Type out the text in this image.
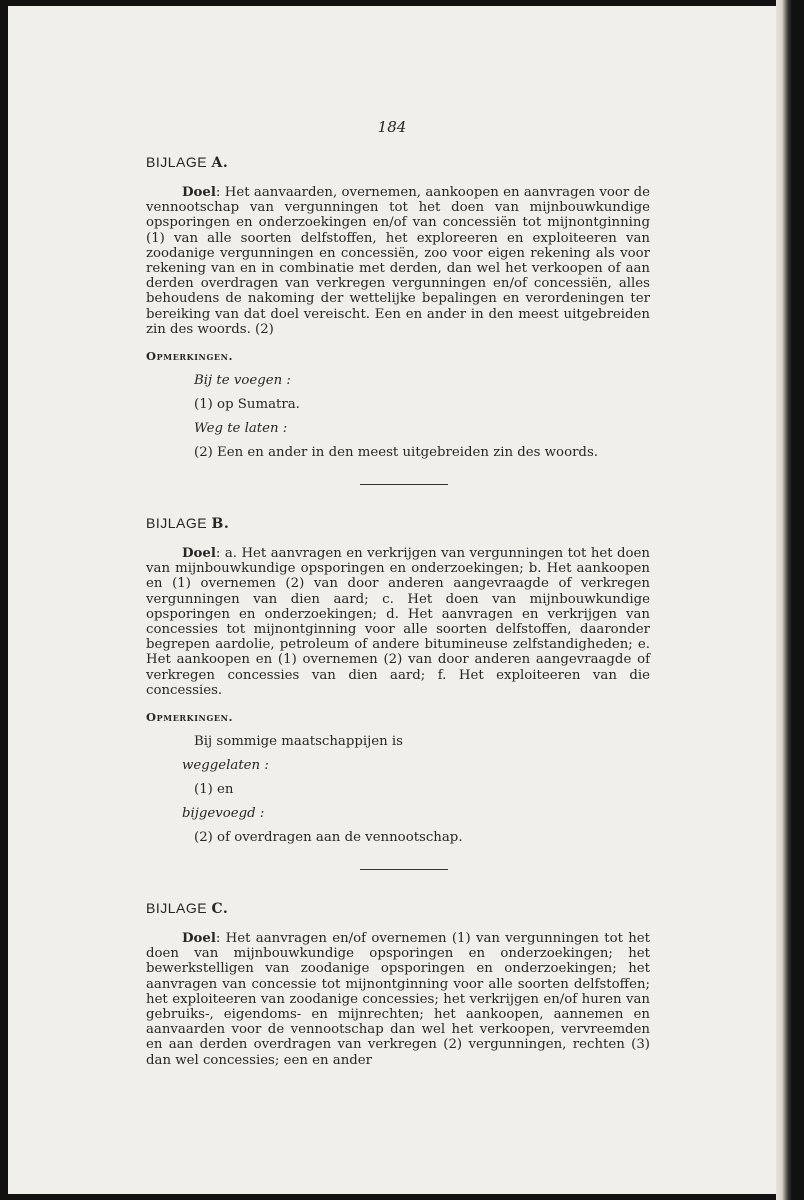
184
BIJLAGE A.

Doel: Het aanvaarden, overnemen, aankoopen en aanvragen voor de vennootschap van vergunningen tot het doen van mijnbouwkundige opsporingen en onderzoekingen en/of van concessiën tot mijnontginning (1) van alle soorten delfstoffen, het exploreeren en exploiteeren van zoodanige vergunningen en concessiën, zoo voor eigen rekening als voor rekening van en in combinatie met derden, dan wel het verkoopen of aan derden overdragen van verkregen vergunningen en/of concessiën, alles behoudens de nakoming der wettelijke bepalingen en verordeningen ter bereiking van dat doel vereischt. Een en ander in den meest uitgebreiden zin des woords. (2)

Opmerkingen.
Bij te voegen :
(1) op Sumatra.
Weg te laten :
(2) Een en ander in den meest uitgebreiden zin des woords.
BIJLAGE B.

Doel: a. Het aanvragen en verkrijgen van vergunningen tot het doen van mijnbouwkundige opsporingen en onderzoekingen; b. Het aankoopen en (1) overnemen (2) van door anderen aangevraagde of verkregen vergunningen van dien aard; c. Het doen van mijnbouwkundige opsporingen en onderzoekingen; d. Het aanvragen en verkrijgen van concessies tot mijnontginning voor alle soorten delfstoffen, daaronder begrepen aardolie, petroleum of andere bitumineuse zelfstandigheden; e. Het aankoopen en (1) overnemen (2) van door anderen aangevraagde of verkregen concessies van dien aard; f. Het exploiteeren van die concessies.

Opmerkingen.
Bij sommige maatschappijen is
weggelaten :
(1) en
bijgevoegd :
(2) of overdragen aan de vennootschap.
BIJLAGE C.

Doel: Het aanvragen en/of overnemen (1) van vergunningen tot het doen van mijnbouwkundige opsporingen en onderzoekingen; het bewerkstelligen van zoodanige opsporingen en onderzoekingen; het aanvragen van concessie tot mijnontginning voor alle soorten delfstoffen; het exploiteeren van zoodanige concessies; het verkrijgen en/of huren van gebruiks-, eigendoms- en mijnrechten; het aankoopen, aannemen en aanvaarden voor de vennootschap dan wel het verkoopen, vervreemden en aan derden overdragen van verkregen (2) vergunningen, rechten (3) dan wel concessies; een en ander
